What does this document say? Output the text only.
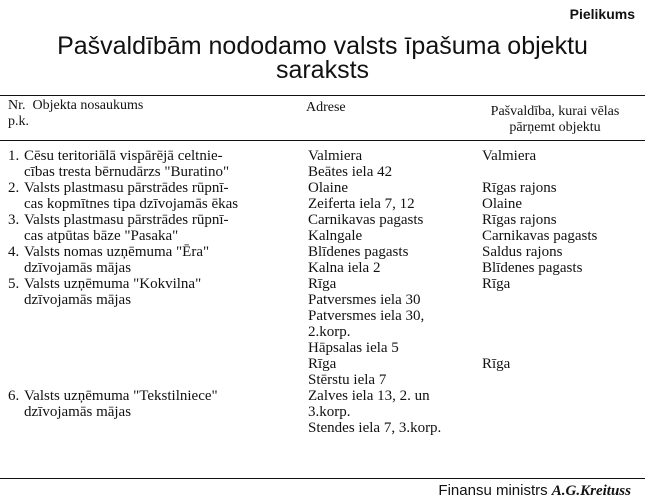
Pielikums
Pašvaldībām nododamo valsts īpašuma objektu
saraksts
Nr. Objekta nosaukums
p.k.
Adrese	Pašvaldība, kurai vēlas
pārņemt objektu
1. Cēsu teritoriālā vispārējā celtnie-
cības tresta bērnudārzs "Buratino"
2. Valsts plastmasu pārstrādes rūpnī-
cas kopmītnes tipa dzīvojamās ēkas
3. Valsts plastmasu pārstrādes rūpnī-
cas atpūtas bāze "Pasaka"
4. Valsts nomas uzņēmuma "Ēra"
dzīvojamās mājas
5. Valsts uzņēmuma "Kokvilna"
dzīvojamās mājas
6. Valsts uzņēmuma "Tekstilniece"
dzīvojamās mājas
Valmiera
Beātes iela 42
Olaine
Zeiferta iela 7, 12
Carnikavas pagasts
Kalngale
Blīdenes pagasts
Kalna iela 2
Rīga
Patversmes iela 30
Patversmes iela 30,
2.korp.
Hāpsalas iela 5
Rīga
Stērstu iela 7
Zalves iela 13, 2. un
3.korp.
Stendes iela 7, 3.korp.
Valmiera
Rīgas rajons
Olaine
Rīgas rajons
Carnikavas pagasts
Saldus rajons
Blīdenes pagasts
Rīga
Rīga
Finansu ministrs A.G.Kreituss
